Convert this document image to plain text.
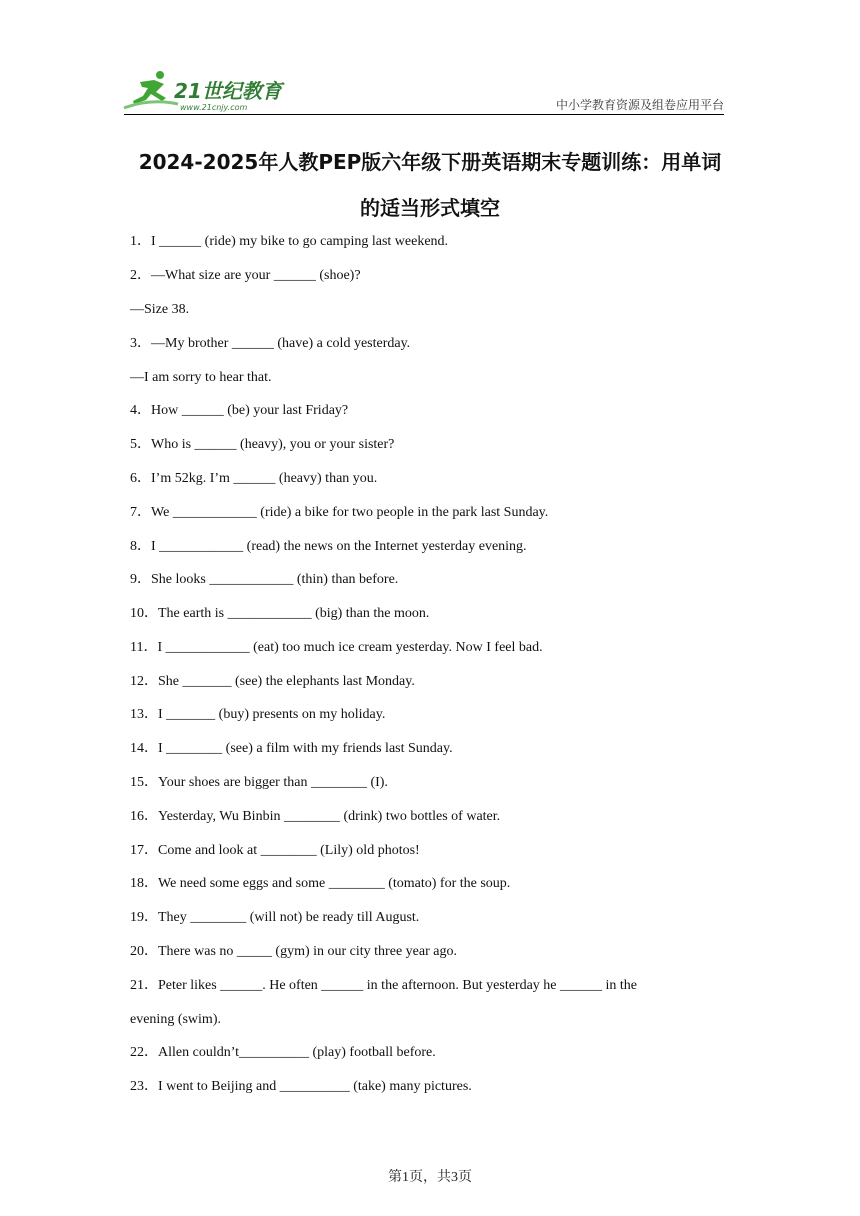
21世纪教育
www.21cnjy.com	中小学教育资源及组卷应用平台
2024-2025年人教PEP版六年级下册英语期末专题训练：用单词
的适当形式填空
1．I ______ (ride) my bike to go camping last weekend.
2．—What size are your ______ (shoe)?
—Size 38.
3．—My brother ______ (have) a cold yesterday.
—I am sorry to hear that.
4．How ______ (be) your last Friday?
5．Who is ______ (heavy), you or your sister?
6．I’m 52kg. I’m ______ (heavy) than you.
7．We ____________ (ride) a bike for two people in the park last Sunday.
8．I ____________ (read) the news on the Internet yesterday evening.
9．She looks ____________ (thin) than before.
10．The earth is ____________ (big) than the moon.
11．I ____________ (eat) too much ice cream yesterday. Now I feel bad.
12．She _______ (see) the elephants last Monday.
13．I _______ (buy) presents on my holiday.
14．I ________ (see) a film with my friends last Sunday.
15．Your shoes are bigger than ________ (I).
16．Yesterday, Wu Binbin ________ (drink) two bottles of water.
17．Come and look at ________ (Lily) old photos!
18．We need some eggs and some ________ (tomato) for the soup.
19．They ________ (will not) be ready till August.
20．There was no _____ (gym) in our city three year ago.
21．Peter likes ______. He often ______ in the afternoon. But yesterday he ______ in the
evening (swim).
22．Allen couldn’t__________ (play) football before.
23．I went to Beijing and __________ (take) many pictures.
第1页，共3页
